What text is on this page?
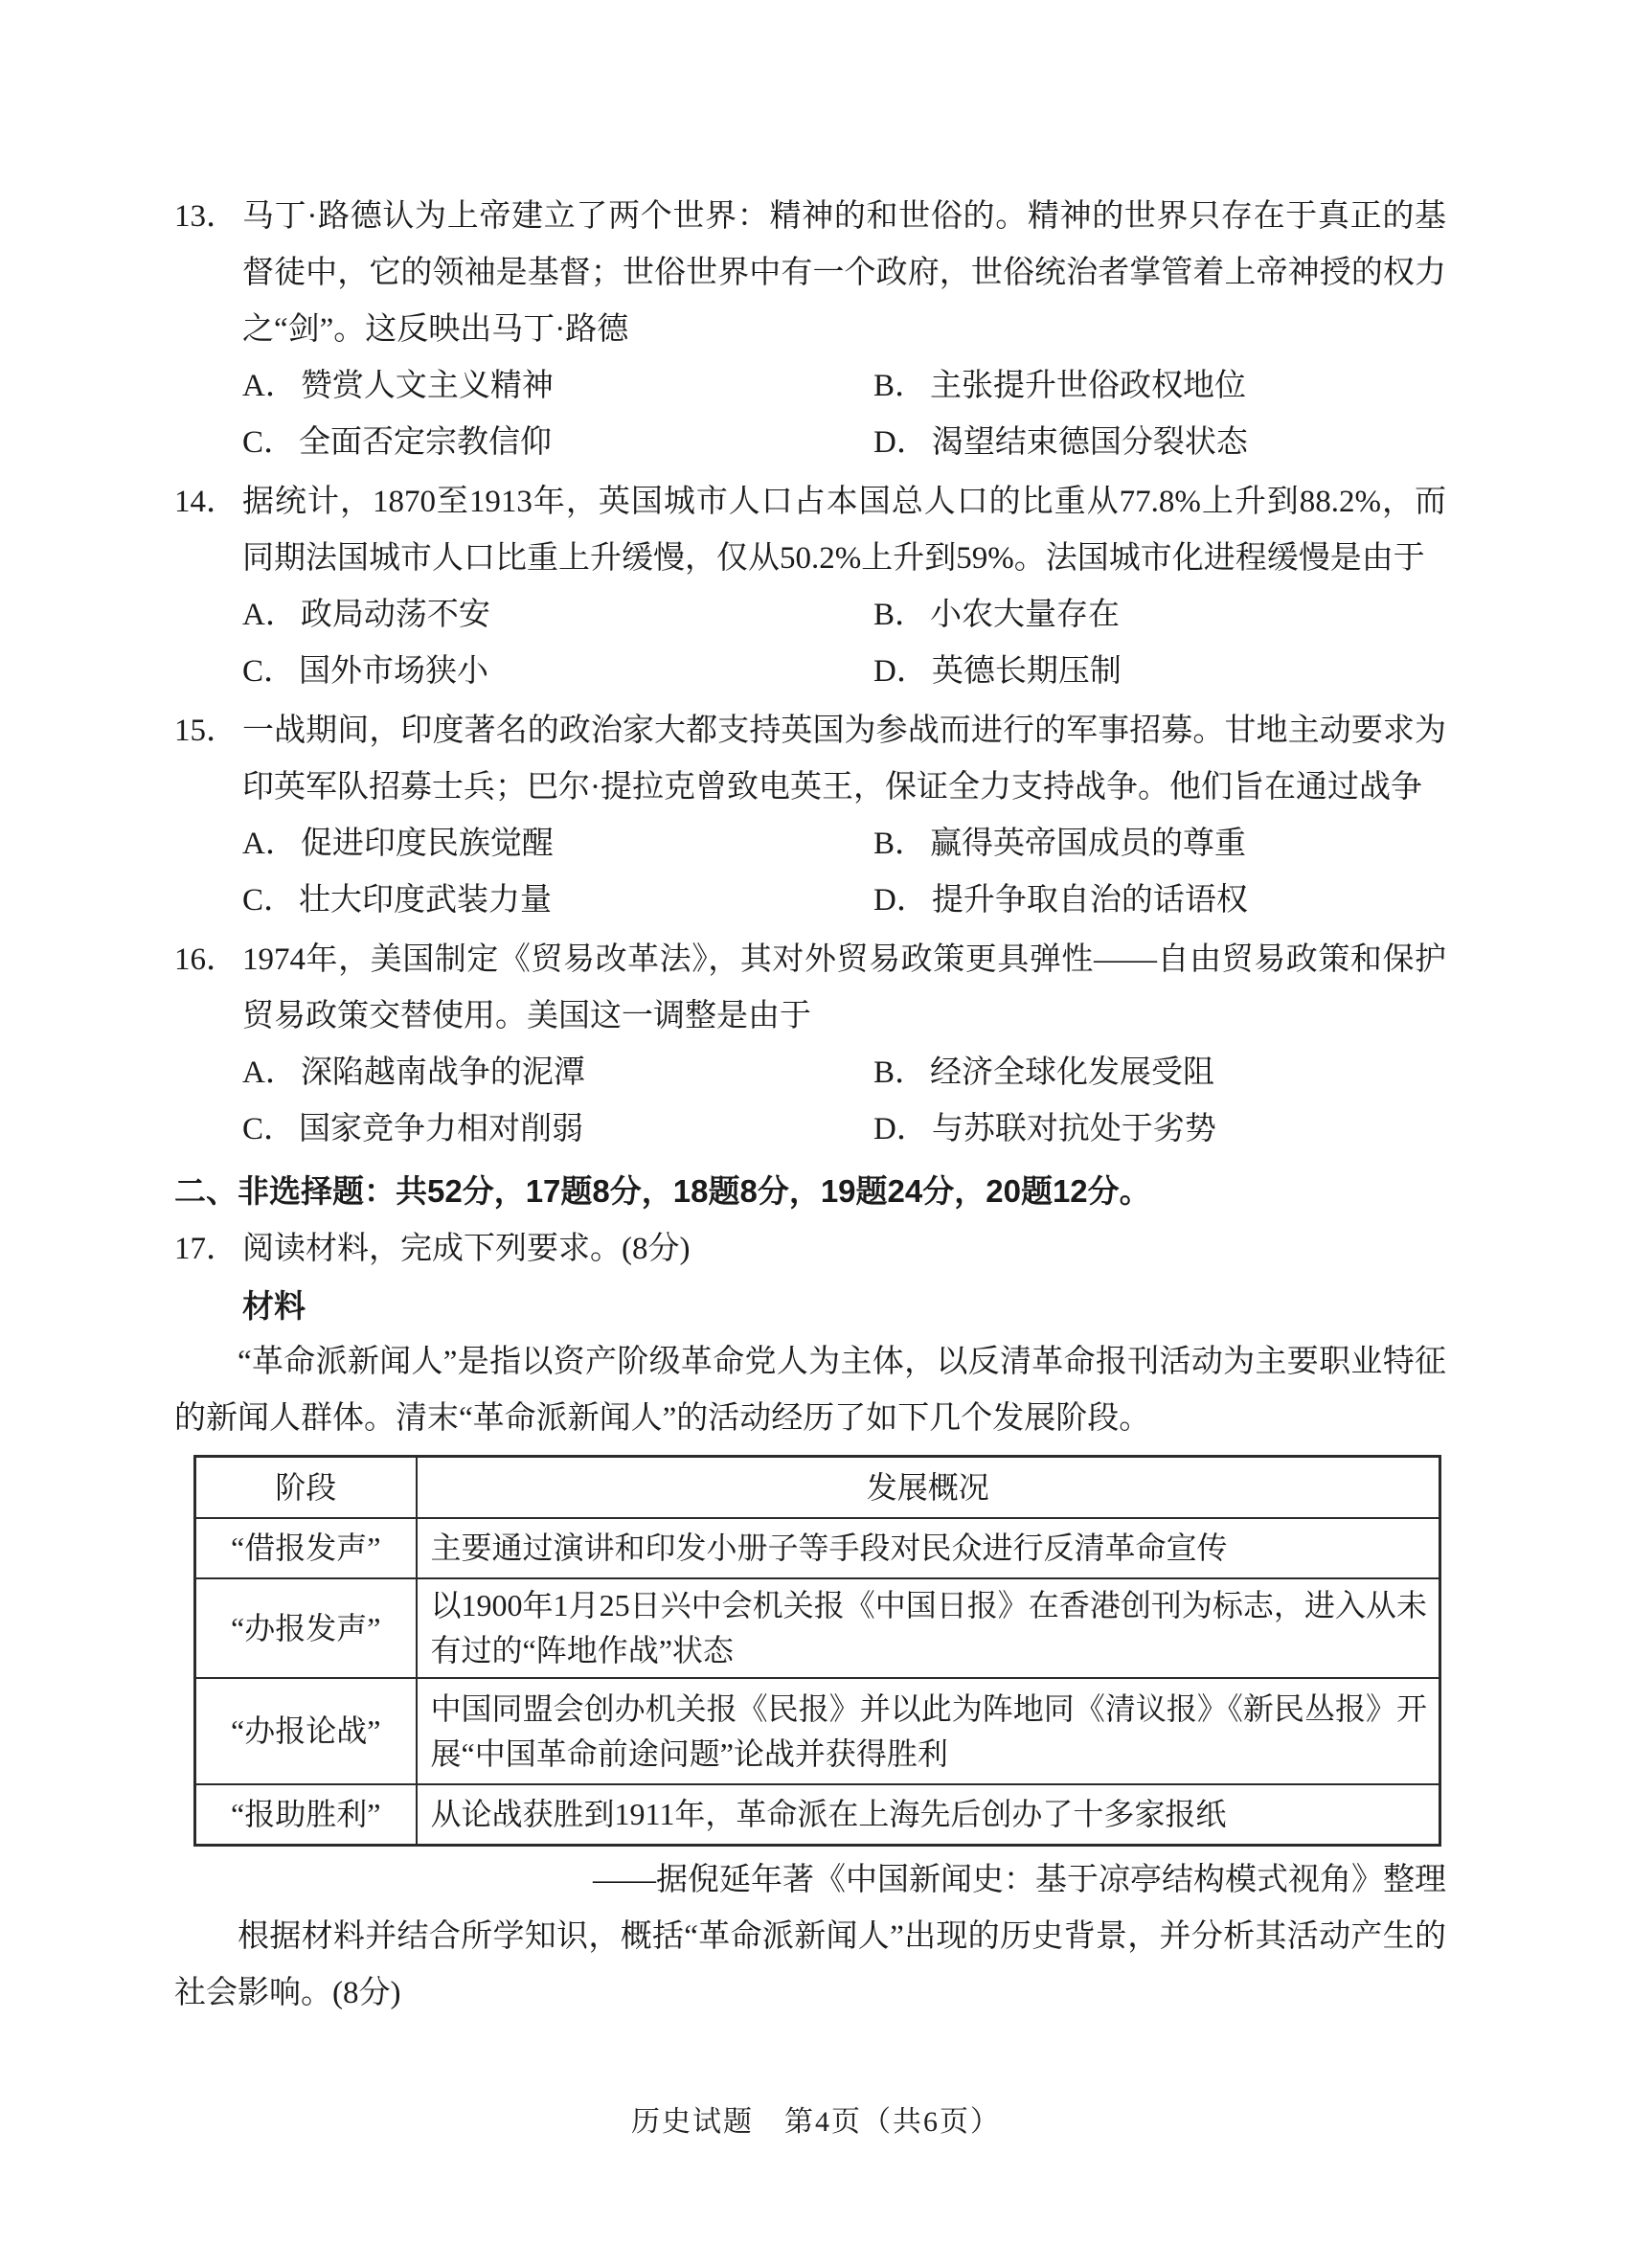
13． 马丁·路德认为上帝建立了两个世界：精神的和世俗的。精神的世界只存在于真正的基督徒中，它的领袖是基督；世俗世界中有一个政府，世俗统治者掌管着上帝神授的权力之“剑”。这反映出马丁·路德
A． 赞赏人文主义精神	B． 主张提升世俗政权地位
C． 全面否定宗教信仰	D． 渴望结束德国分裂状态
14． 据统计，1870至1913年，英国城市人口占本国总人口的比重从77.8%上升到88.2%，而同期法国城市人口比重上升缓慢，仅从50.2%上升到59%。法国城市化进程缓慢是由于
A． 政局动荡不安	B． 小农大量存在
C． 国外市场狭小	D． 英德长期压制
15． 一战期间，印度著名的政治家大都支持英国为参战而进行的军事招募。甘地主动要求为印英军队招募士兵；巴尔·提拉克曾致电英王，保证全力支持战争。他们旨在通过战争
A． 促进印度民族觉醒	B． 赢得英帝国成员的尊重
C． 壮大印度武装力量	D． 提升争取自治的话语权
16． 1974年，美国制定《贸易改革法》，其对外贸易政策更具弹性——自由贸易政策和保护贸易政策交替使用。美国这一调整是由于
A． 深陷越南战争的泥潭	B． 经济全球化发展受阻
C． 国家竞争力相对削弱	D． 与苏联对抗处于劣势
二、非选择题：共52分，17题8分，18题8分，19题24分，20题12分。
17． 阅读材料，完成下列要求。(8分)
材料
“革命派新闻人”是指以资产阶级革命党人为主体，以反清革命报刊活动为主要职业特征的新闻人群体。清末“革命派新闻人”的活动经历了如下几个发展阶段。
阶段	发展概况
“借报发声”	主要通过演讲和印发小册子等手段对民众进行反清革命宣传
“办报发声”	以1900年1月25日兴中会机关报《中国日报》在香港创刊为标志，进入从未有过的“阵地作战”状态
“办报论战”	中国同盟会创办机关报《民报》并以此为阵地同《清议报》《新民丛报》开展“中国革命前途问题”论战并获得胜利
“报助胜利”	从论战获胜到1911年，革命派在上海先后创办了十多家报纸
——据倪延年著《中国新闻史：基于凉亭结构模式视角》整理
根据材料并结合所学知识，概括“革命派新闻人”出现的历史背景，并分析其活动产生的社会影响。(8分)
历史试题　第4页（共6页）
